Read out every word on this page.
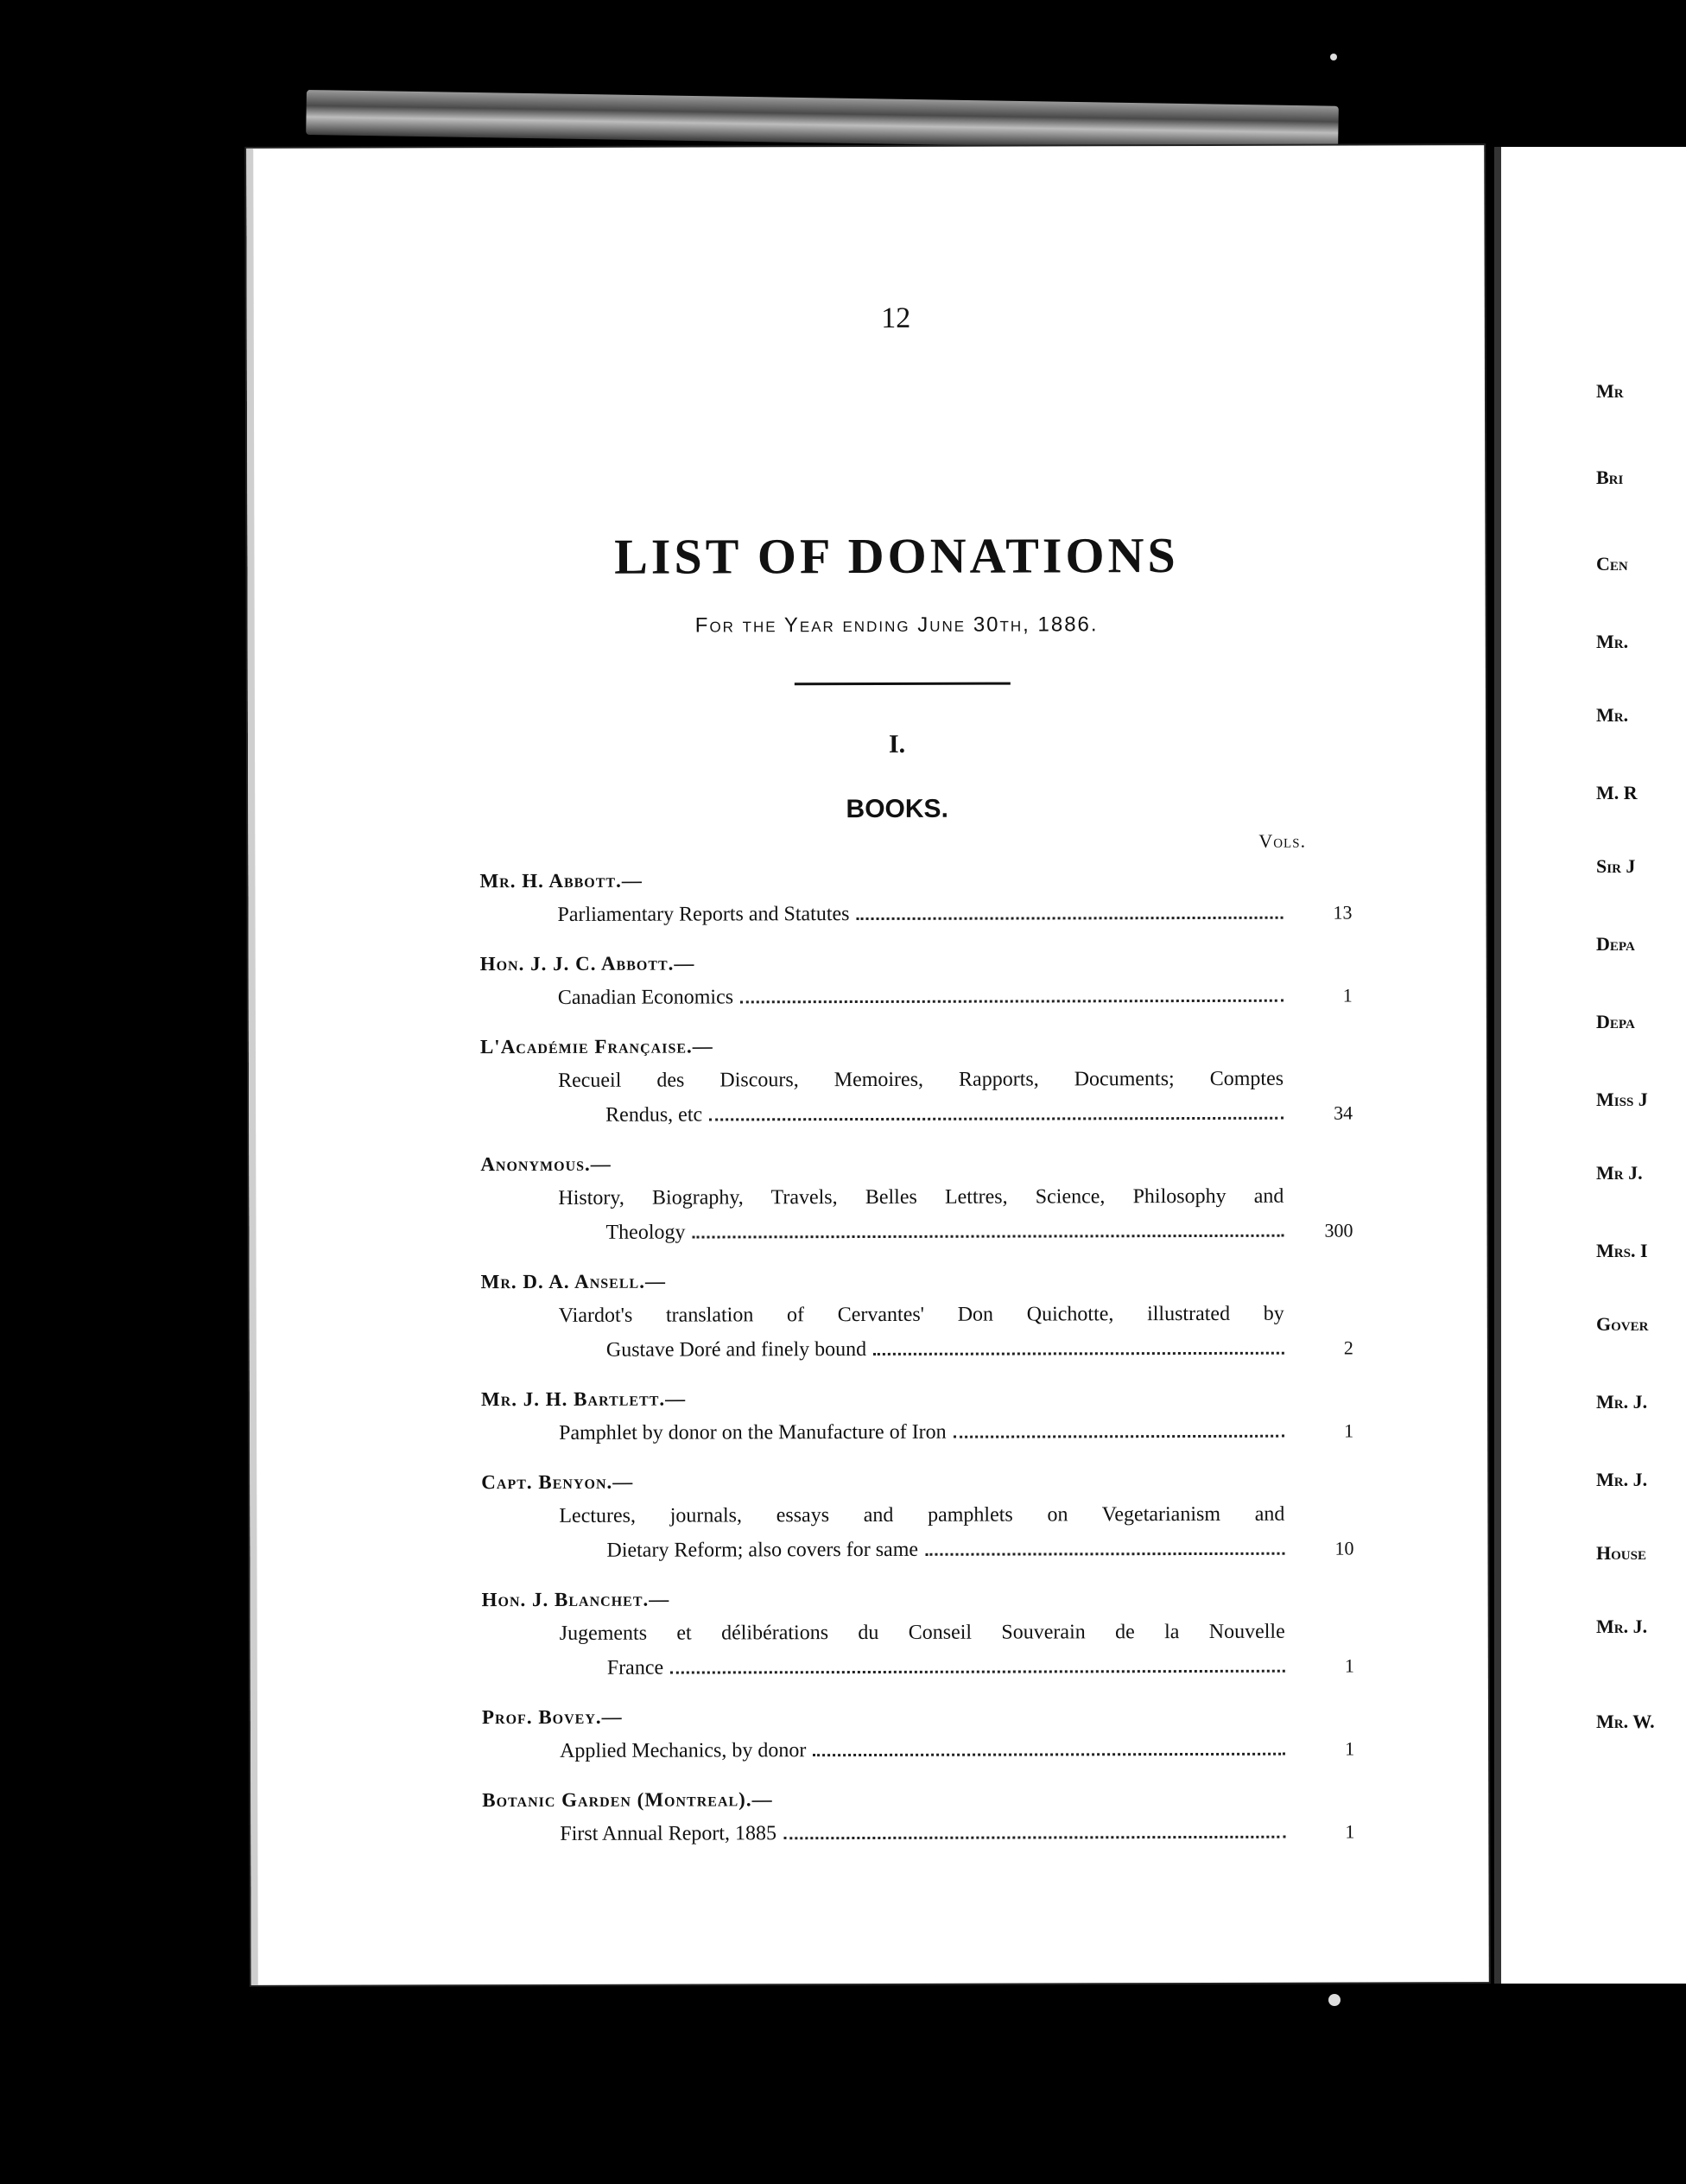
Mr
Bri
Cen
Mr.
Mr.
M. R
Sir J
Depa
Depa
Miss J
Mr J.
Mrs. I
Gover
Mr. J.
Mr. J.
House
Mr. J.
Mr. W.
12
LIST OF DONATIONS
For the Year ending June 30th, 1886.
I.
BOOKS.
Vols.
Mr. H. Abbott.—
Parliamentary Reports and Statutes	13
Hon. J. J. C. Abbott.—
Canadian Economics	1
L'Académie Française.—
Recueil des Discours, Memoires, Rapports, Documents; Comptes
Rendus, etc	34
Anonymous.—
History, Biography, Travels, Belles Lettres, Science, Philosophy and
Theology	300
Mr. D. A. Ansell.—
Viardot's translation of Cervantes' Don Quichotte, illustrated by
Gustave Doré and finely bound	2
Mr. J. H. Bartlett.—
Pamphlet by donor on the Manufacture of Iron	1
Capt. Benyon.—
Lectures, journals, essays and pamphlets on Vegetarianism and
Dietary Reform; also covers for same	10
Hon. J. Blanchet.—
Jugements et délibérations du Conseil Souverain de la Nouvelle
France	1
Prof. Bovey.—
Applied Mechanics, by donor	1
Botanic Garden (Montreal).—
First Annual Report, 1885	1
